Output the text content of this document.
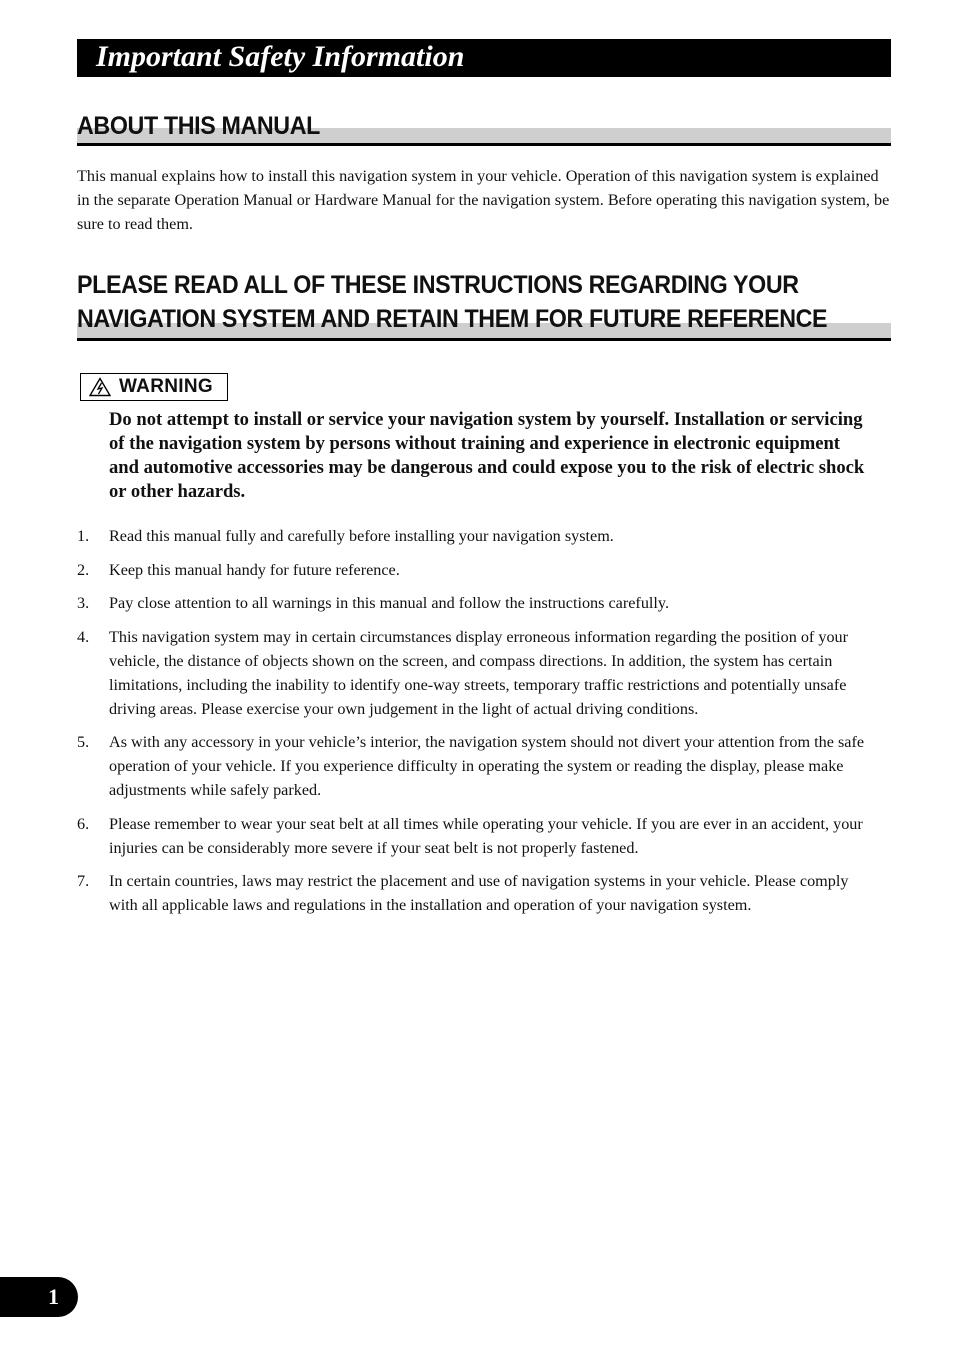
Important Safety Information
ABOUT THIS MANUAL

This manual explains how to install this navigation system in your vehicle. Operation of this navigation system is explained in the separate Operation Manual or Hardware Manual for the navigation system. Before operating this navigation system, be sure to read them.

PLEASE READ ALL OF THESE INSTRUCTIONS REGARDING YOUR
NAVIGATION SYSTEM AND RETAIN THEM FOR FUTURE REFERENCE
WARNING

Do not attempt to install or service your navigation system by yourself. Installation or servicing of the navigation system by persons without training and experience in electronic equipment and automotive accessories may be dangerous and could expose you to the risk of electric shock or other hazards.

1. Read this manual fully and carefully before installing your navigation system.
2. Keep this manual handy for future reference.
3. Pay close attention to all warnings in this manual and follow the instructions carefully.
4. This navigation system may in certain circumstances display erroneous information regarding the position of your vehicle, the distance of objects shown on the screen, and compass directions. In addition, the system has certain limitations, including the inability to identify one-way streets, temporary traffic restrictions and potentially unsafe driving areas. Please exercise your own judgement in the light of actual driving conditions.
5. As with any accessory in your vehicle’s interior, the navigation system should not divert your attention from the safe operation of your vehicle. If you experience difficulty in operating the system or reading the display, please make adjustments while safely parked.
6. Please remember to wear your seat belt at all times while operating your vehicle. If you are ever in an accident, your injuries can be considerably more severe if your seat belt is not properly fastened.
7. In certain countries, laws may restrict the placement and use of navigation systems in your vehicle. Please comply with all applicable laws and regulations in the installation and operation of your navigation system.
1
